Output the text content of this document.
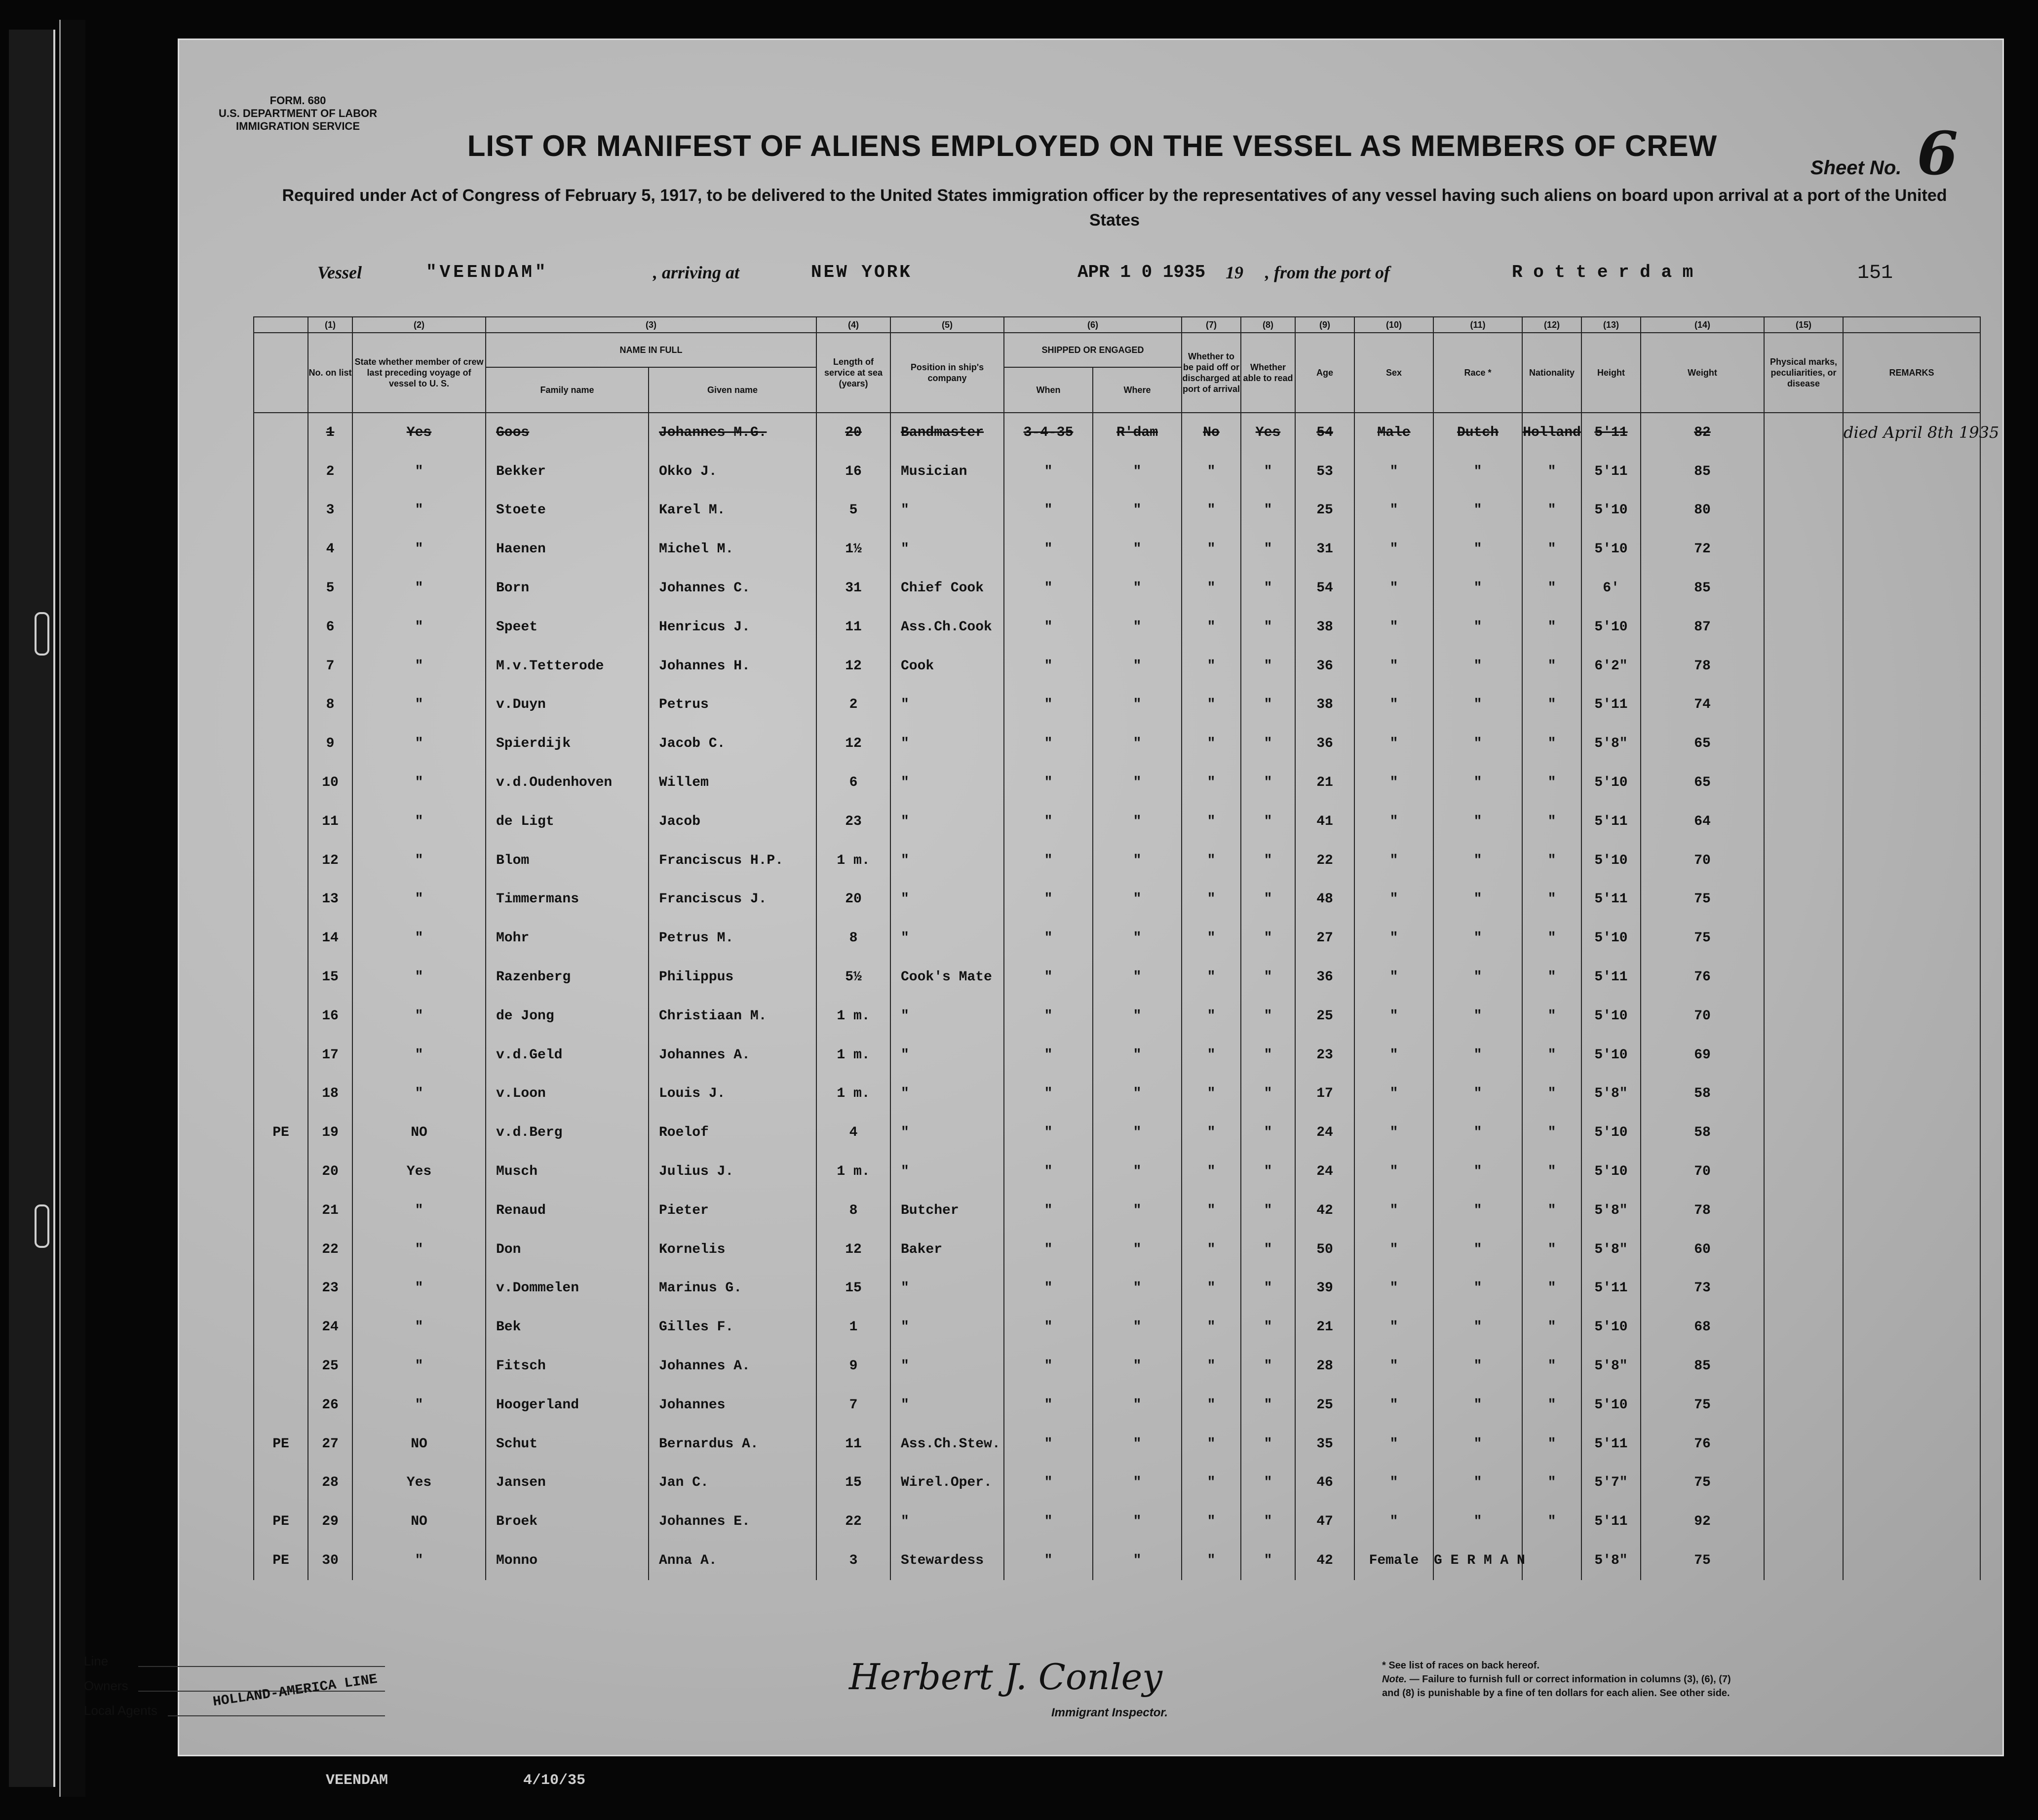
FORM. 680
U.S. DEPARTMENT OF LABOR
IMMIGRATION SERVICE
LIST OR MANIFEST OF ALIENS EMPLOYED ON THE VESSEL AS MEMBERS OF CREW
Sheet No. 6
Required under Act of Congress of February 5, 1917, to be delivered to the United States immigration officer by the representatives of any vessel having such aliens on board upon arrival at a port of the United States
Vessel	"VEENDAM"	, arriving at	NEW YORK	APR 1 0 1935 19 , from the port of	R o t t e r d a m	151
	(1)	(2)	(3)		(4)	(5)	(6)		(7)	(8)	(9)	(10)	(11)	(12)	(13)	(14)	(15)	
	No. on list	State whether member of crew last preceding voyage of vessel to U. S.	NAME IN FULL		Length of service at sea (years)	Position in ship's company	SHIPPED OR ENGAGED		Whether to be paid off or discharged at port of arrival	Whether able to read	Age	Sex	Race *	Nationality	Height	Weight	Physical marks, peculiarities, or disease	REMARKS
			Family name	Given name			When	Where										
	1	Yes	Goos	Johannes M.G.	20	Bandmaster	3-4-35	R'dam	No	Yes	54	Male	Dutch	Holland	5'11	82		died April 8th 1935
	2	"	Bekker	Okko J.	16	Musician	"	"	"	"	53	"	"	"	5'11	85		
	3	"	Stoete	Karel M.	5	"	"	"	"	"	25	"	"	"	5'10	80		
	4	"	Haenen	Michel M.	1½	"	"	"	"	"	31	"	"	"	5'10	72		
	5	"	Born	Johannes C.	31	Chief Cook	"	"	"	"	54	"	"	"	6'	85		
	6	"	Speet	Henricus J.	11	Ass.Ch.Cook	"	"	"	"	38	"	"	"	5'10	87		
	7	"	M.v.Tetterode	Johannes H.	12	Cook	"	"	"	"	36	"	"	"	6'2"	78		
	8	"	v.Duyn	Petrus	2	"	"	"	"	"	38	"	"	"	5'11	74		
	9	"	Spierdijk	Jacob C.	12	"	"	"	"	"	36	"	"	"	5'8"	65		
	10	"	v.d.Oudenhoven	Willem	6	"	"	"	"	"	21	"	"	"	5'10	65		
	11	"	de Ligt	Jacob	23	"	"	"	"	"	41	"	"	"	5'11	64		
	12	"	Blom	Franciscus H.P.	1 m.	"	"	"	"	"	22	"	"	"	5'10	70		
	13	"	Timmermans	Franciscus J.	20	"	"	"	"	"	48	"	"	"	5'11	75		
	14	"	Mohr	Petrus M.	8	"	"	"	"	"	27	"	"	"	5'10	75		
	15	"	Razenberg	Philippus	5½	Cook's Mate	"	"	"	"	36	"	"	"	5'11	76		
	16	"	de Jong	Christiaan M.	1 m.	"	"	"	"	"	25	"	"	"	5'10	70		
	17	"	v.d.Geld	Johannes A.	1 m.	"	"	"	"	"	23	"	"	"	5'10	69		
	18	"	v.Loon	Louis J.	1 m.	"	"	"	"	"	17	"	"	"	5'8"	58		
PE	19	NO	v.d.Berg	Roelof	4	"	"	"	"	"	24	"	"	"	5'10	58		
	20	Yes	Musch	Julius J.	1 m.	"	"	"	"	"	24	"	"	"	5'10	70		
	21	"	Renaud	Pieter	8	Butcher	"	"	"	"	42	"	"	"	5'8"	78		
	22	"	Don	Kornelis	12	Baker	"	"	"	"	50	"	"	"	5'8"	60		
	23	"	v.Dommelen	Marinus G.	15	"	"	"	"	"	39	"	"	"	5'11	73		
	24	"	Bek	Gilles F.	1	"	"	"	"	"	21	"	"	"	5'10	68		
	25	"	Fitsch	Johannes A.	9	"	"	"	"	"	28	"	"	"	5'8"	85		
	26	"	Hoogerland	Johannes	7	"	"	"	"	"	25	"	"	"	5'10	75		
PE	27	NO	Schut	Bernardus A.	11	Ass.Ch.Stew.	"	"	"	"	35	"	"	"	5'11	76		
	28	Yes	Jansen	Jan C.	15	Wirel.Oper.	"	"	"	"	46	"	"	"	5'7"	75		
PE	29	NO	Broek	Johannes E.	22	"	"	"	"	"	47	"	"	"	5'11	92		
PE	30	"	Monno	Anna A.	3	Stewardess	"	"	"	"	42	Female	G E R M A N		5'8"	75		
Line
Owners
Local Agents
HOLLAND-AMERICA LINE	Herbert J. Conley
Immigrant Inspector.
* See list of races on back hereof.
Note. — Failure to furnish full or correct information in columns (3), (6), (7) and (8) is punishable by a fine of ten dollars for each alien. See other side.
VEENDAM	4/10/35
